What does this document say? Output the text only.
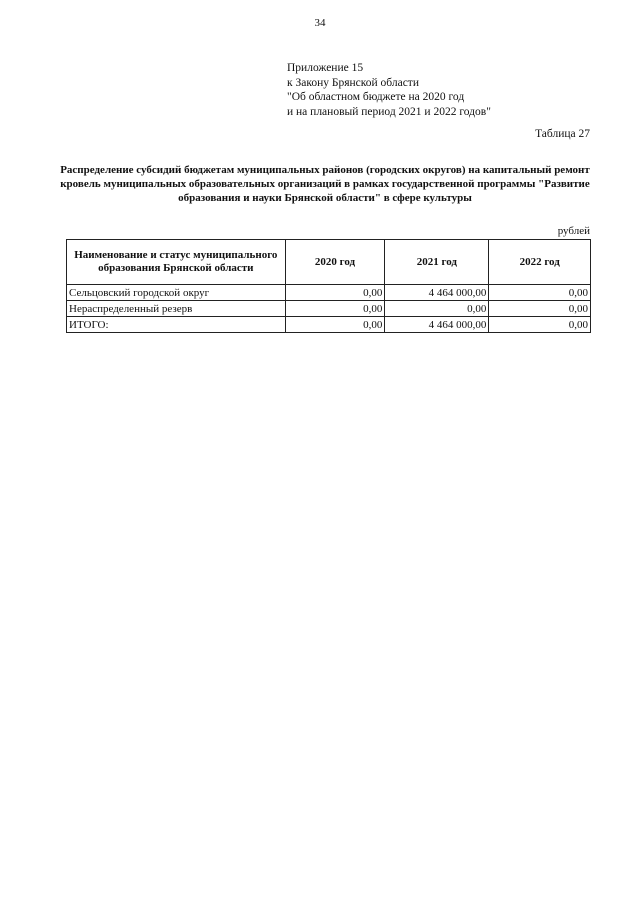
34
Приложение 15
к Закону Брянской области
"Об областном бюджете на 2020 год
и на плановый период 2021 и 2022 годов"
Таблица 27
Распределение субсидий бюджетам муниципальных районов (городских округов) на капитальный ремонт кровель муниципальных образовательных организаций в рамках государственной программы "Развитие образования и науки Брянской области" в сфере культуры
рублей
Наименование и статус муниципального образования Брянской области	2020 год	2021 год	2022 год
Сельцовский городской округ	0,00	4 464 000,00	0,00
Нераспределенный резерв	0,00	0,00	0,00
ИТОГО:	0,00	4 464 000,00	0,00
